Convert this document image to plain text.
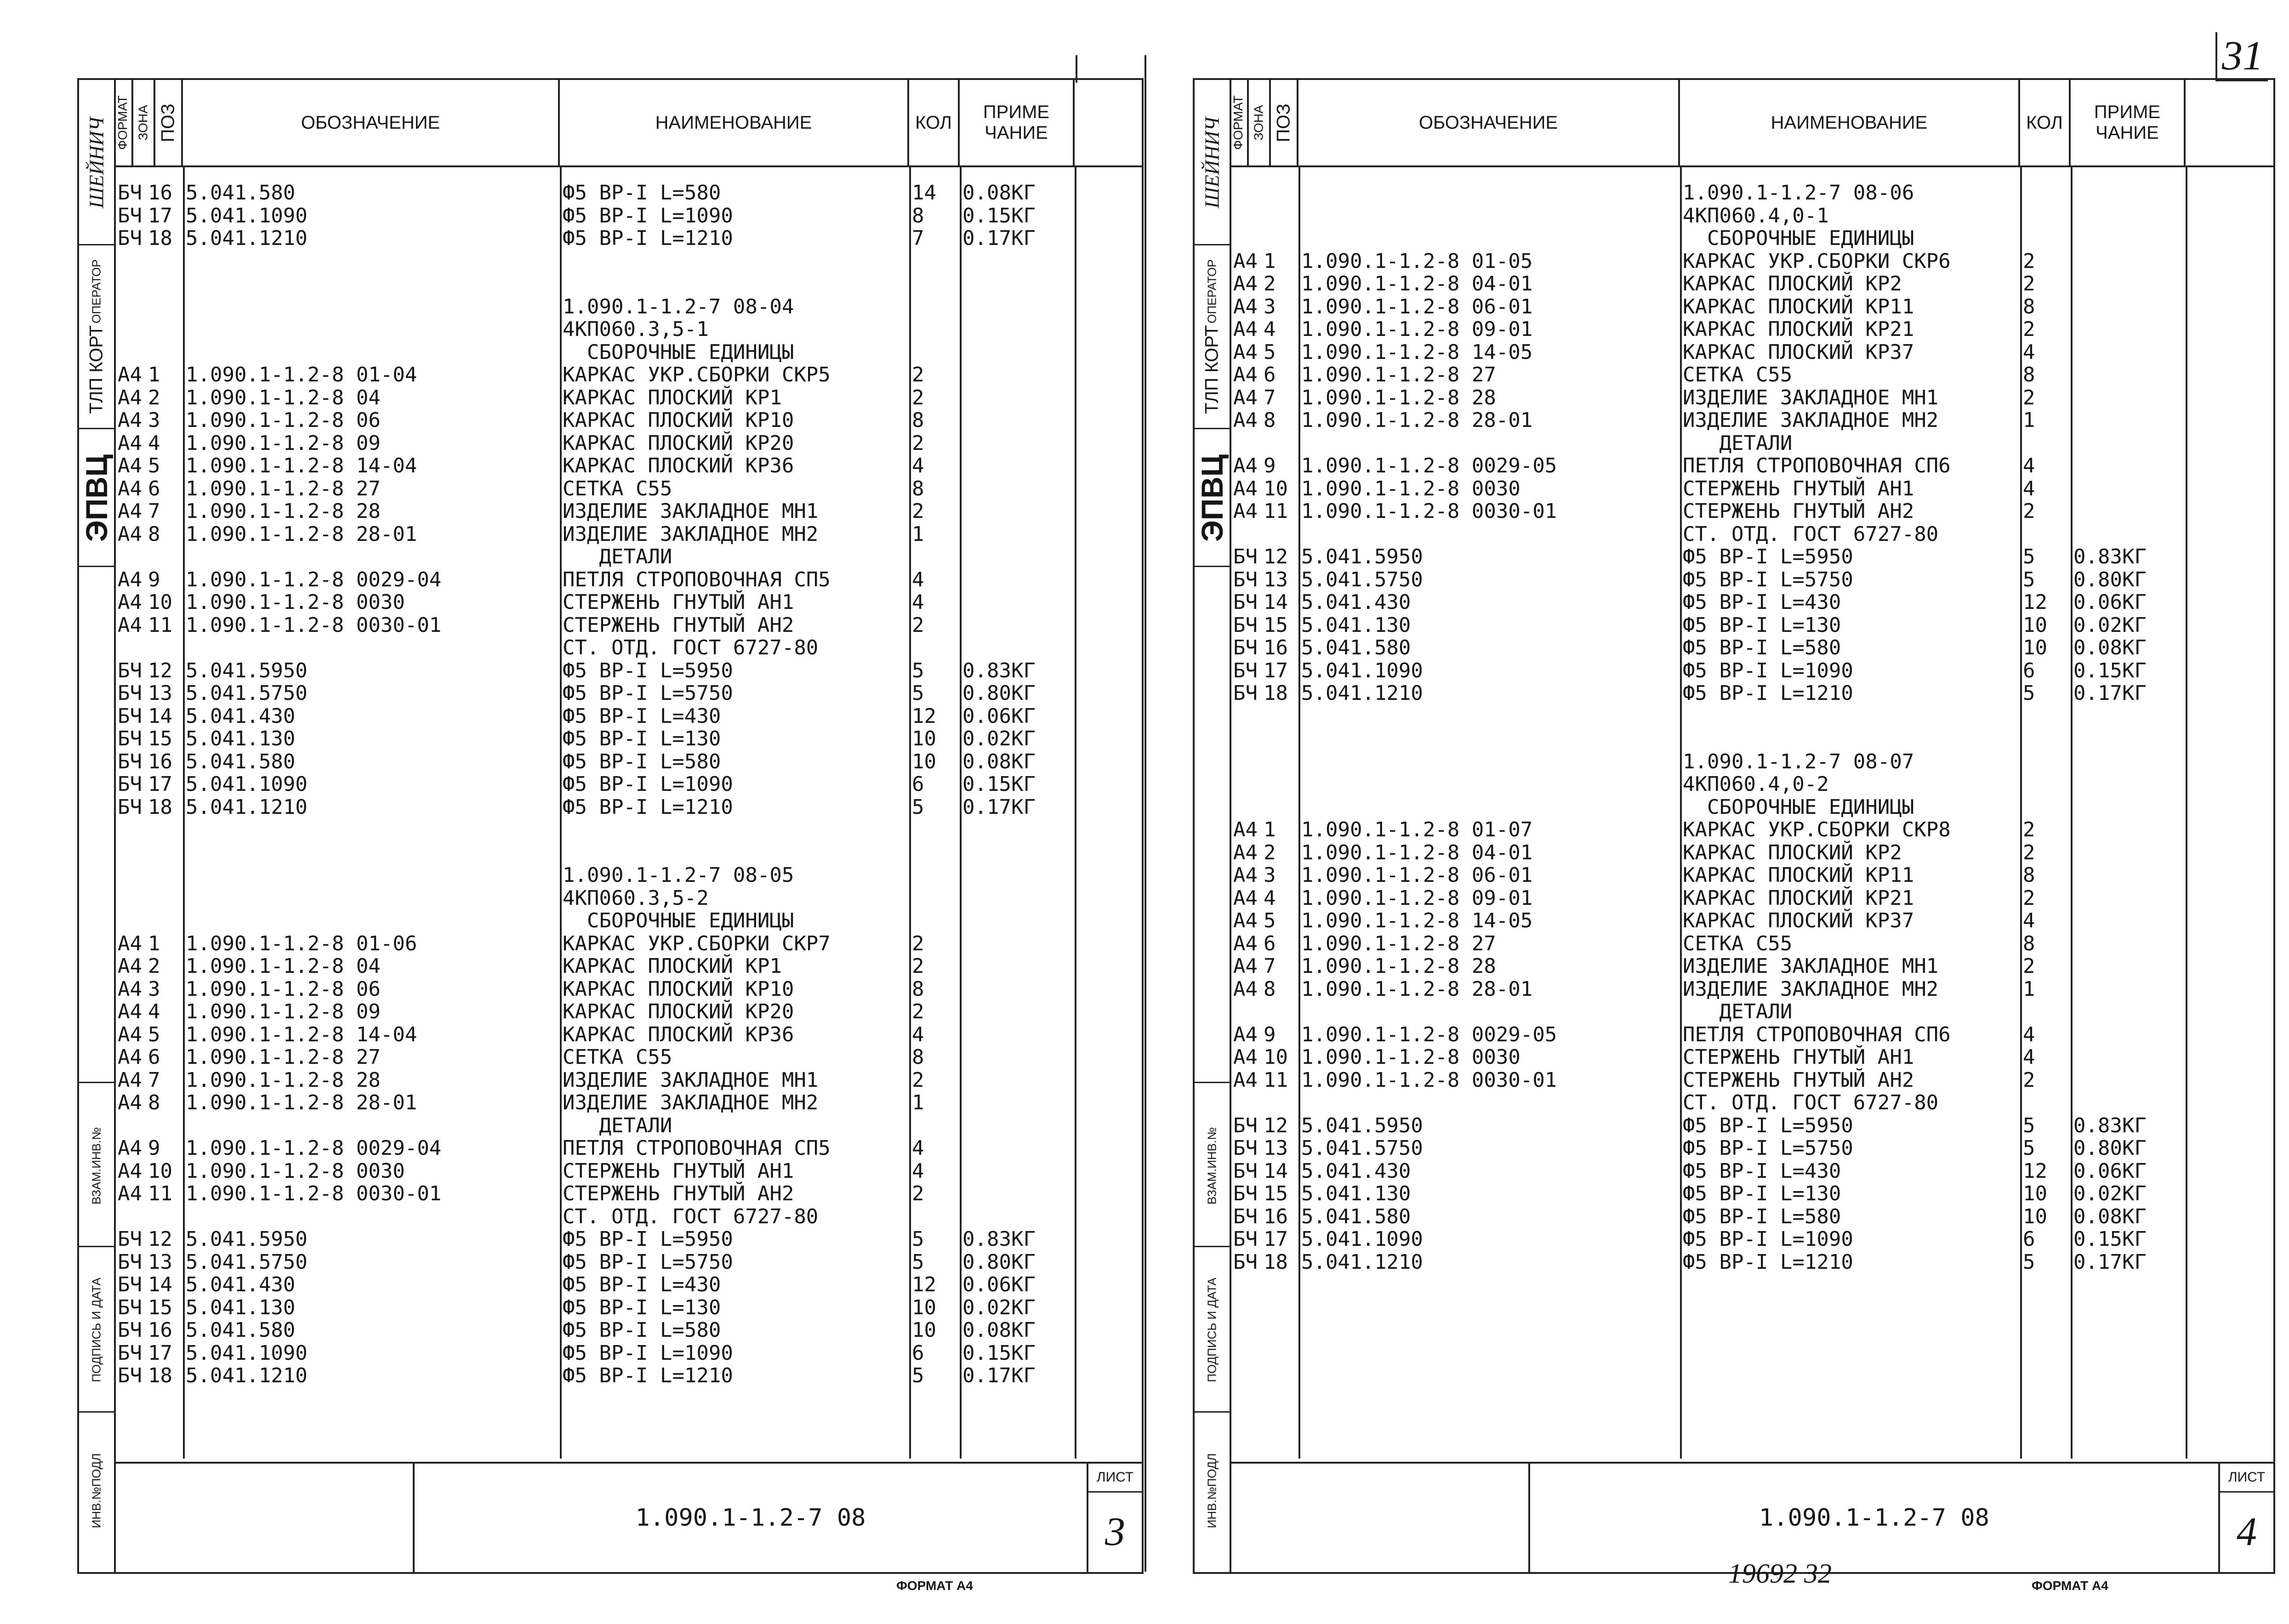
31
ШЕЙНИЧ
ОПЕРАТОР
ТЛП КОРТ
ЭПВЦ
ВЗАМ.ИНВ.№
ПОДПИСЬ И ДАТА
ИНВ.№ПОДЛ
ФОРМАТ ЗОНА ПОЗ	ОБОЗНАЧЕНИЕ	НАИМЕНОВАНИЕ	КОЛ
ПРИМЕ ЧАНИЕ
БЧ 16 5.041.580	Ф5 ВР-I L=580	14 0.08КГ
БЧ 17 5.041.1090	Ф5 ВР-I L=1090	8 0.15КГ
БЧ 18 5.041.1210	Ф5 ВР-I L=1210	7 0.17КГ
1.090.1-1.2-7 08-04
4КП060.3,5-1
СБОРОЧНЫЕ ЕДИНИЦЫ
А4 1 1.090.1-1.2-8 01-04	КАРКАС УКР.СБОРКИ СКР5	2
А4 2 1.090.1-1.2-8 04	КАРКАС ПЛОСКИЙ КР1	2
А4 3 1.090.1-1.2-8 06	КАРКАС ПЛОСКИЙ КР10	8
А4 4 1.090.1-1.2-8 09	КАРКАС ПЛОСКИЙ КР20	2
А4 5 1.090.1-1.2-8 14-04	КАРКАС ПЛОСКИЙ КР36	4
А4 6 1.090.1-1.2-8 27	СЕТКА С55	8
А4 7 1.090.1-1.2-8 28	ИЗДЕЛИЕ ЗАКЛАДНОЕ МН1	2
А4 8 1.090.1-1.2-8 28-01	ИЗДЕЛИЕ ЗАКЛАДНОЕ МН2	1
ДЕТАЛИ
А4 9 1.090.1-1.2-8 0029-04	ПЕТЛЯ СТРОПОВОЧНАЯ СП5	4
А4 10 1.090.1-1.2-8 0030	СТЕРЖЕНЬ ГНУТЫЙ АН1	4
А4 11 1.090.1-1.2-8 0030-01	СТЕРЖЕНЬ ГНУТЫЙ АН2	2
СТ. ОТД. ГОСТ 6727-80
БЧ 12 5.041.5950	Ф5 ВР-I L=5950	5 0.83КГ
БЧ 13 5.041.5750	Ф5 ВР-I L=5750	5 0.80КГ
БЧ 14 5.041.430	Ф5 ВР-I L=430	12 0.06КГ
БЧ 15 5.041.130	Ф5 ВР-I L=130	10 0.02КГ
БЧ 16 5.041.580	Ф5 ВР-I L=580	10 0.08КГ
БЧ 17 5.041.1090	Ф5 ВР-I L=1090	6 0.15КГ
БЧ 18 5.041.1210	Ф5 ВР-I L=1210	5 0.17КГ
1.090.1-1.2-7 08-05
4КП060.3,5-2
СБОРОЧНЫЕ ЕДИНИЦЫ
А4 1 1.090.1-1.2-8 01-06	КАРКАС УКР.СБОРКИ СКР7	2
А4 2 1.090.1-1.2-8 04	КАРКАС ПЛОСКИЙ КР1	2
А4 3 1.090.1-1.2-8 06	КАРКАС ПЛОСКИЙ КР10	8
А4 4 1.090.1-1.2-8 09	КАРКАС ПЛОСКИЙ КР20	2
А4 5 1.090.1-1.2-8 14-04	КАРКАС ПЛОСКИЙ КР36	4
А4 6 1.090.1-1.2-8 27	СЕТКА С55	8
А4 7 1.090.1-1.2-8 28	ИЗДЕЛИЕ ЗАКЛАДНОЕ МН1	2
А4 8 1.090.1-1.2-8 28-01	ИЗДЕЛИЕ ЗАКЛАДНОЕ МН2	1
ДЕТАЛИ
А4 9 1.090.1-1.2-8 0029-04	ПЕТЛЯ СТРОПОВОЧНАЯ СП5	4
А4 10 1.090.1-1.2-8 0030	СТЕРЖЕНЬ ГНУТЫЙ АН1	4
А4 11 1.090.1-1.2-8 0030-01	СТЕРЖЕНЬ ГНУТЫЙ АН2	2
СТ. ОТД. ГОСТ 6727-80
БЧ 12 5.041.5950	Ф5 ВР-I L=5950	5 0.83КГ
БЧ 13 5.041.5750	Ф5 ВР-I L=5750	5 0.80КГ
БЧ 14 5.041.430	Ф5 ВР-I L=430	12 0.06КГ
БЧ 15 5.041.130	Ф5 ВР-I L=130	10 0.02КГ
БЧ 16 5.041.580	Ф5 ВР-I L=580	10 0.08КГ
БЧ 17 5.041.1090	Ф5 ВР-I L=1090	6 0.15КГ
БЧ 18 5.041.1210	Ф5 ВР-I L=1210	5 0.17КГ
1.090.1-1.2-7 08
ЛИСТ
3
ФОРМАТ А4
ШЕЙНИЧ
ОПЕРАТОР
ТЛП КОРТ
ЭПВЦ
ВЗАМ.ИНВ.№
ПОДПИСЬ И ДАТА
ИНВ.№ПОДЛ
ФОРМАТ ЗОНА ПОЗ	ОБОЗНАЧЕНИЕ	НАИМЕНОВАНИЕ	КОЛ
ПРИМЕ ЧАНИЕ
1.090.1-1.2-7 08-06
4КП060.4,0-1
СБОРОЧНЫЕ ЕДИНИЦЫ
А4 1 1.090.1-1.2-8 01-05	КАРКАС УКР.СБОРКИ СКР6	2
А4 2 1.090.1-1.2-8 04-01	КАРКАС ПЛОСКИЙ КР2	2
А4 3 1.090.1-1.2-8 06-01	КАРКАС ПЛОСКИЙ КР11	8
А4 4 1.090.1-1.2-8 09-01	КАРКАС ПЛОСКИЙ КР21	2
А4 5 1.090.1-1.2-8 14-05	КАРКАС ПЛОСКИЙ КР37	4
А4 6 1.090.1-1.2-8 27	СЕТКА С55	8
А4 7 1.090.1-1.2-8 28	ИЗДЕЛИЕ ЗАКЛАДНОЕ МН1	2
А4 8 1.090.1-1.2-8 28-01	ИЗДЕЛИЕ ЗАКЛАДНОЕ МН2	1
ДЕТАЛИ
А4 9 1.090.1-1.2-8 0029-05	ПЕТЛЯ СТРОПОВОЧНАЯ СП6	4
А4 10 1.090.1-1.2-8 0030	СТЕРЖЕНЬ ГНУТЫЙ АН1	4
А4 11 1.090.1-1.2-8 0030-01	СТЕРЖЕНЬ ГНУТЫЙ АН2	2
СТ. ОТД. ГОСТ 6727-80
БЧ 12 5.041.5950	Ф5 ВР-I L=5950	5 0.83КГ
БЧ 13 5.041.5750	Ф5 ВР-I L=5750	5 0.80КГ
БЧ 14 5.041.430	Ф5 ВР-I L=430	12 0.06КГ
БЧ 15 5.041.130	Ф5 ВР-I L=130	10 0.02КГ
БЧ 16 5.041.580	Ф5 ВР-I L=580	10 0.08КГ
БЧ 17 5.041.1090	Ф5 ВР-I L=1090	6 0.15КГ
БЧ 18 5.041.1210	Ф5 ВР-I L=1210	5 0.17КГ
1.090.1-1.2-7 08-07
4КП060.4,0-2
СБОРОЧНЫЕ ЕДИНИЦЫ
А4 1 1.090.1-1.2-8 01-07	КАРКАС УКР.СБОРКИ СКР8	2
А4 2 1.090.1-1.2-8 04-01	КАРКАС ПЛОСКИЙ КР2	2
А4 3 1.090.1-1.2-8 06-01	КАРКАС ПЛОСКИЙ КР11	8
А4 4 1.090.1-1.2-8 09-01	КАРКАС ПЛОСКИЙ КР21	2
А4 5 1.090.1-1.2-8 14-05	КАРКАС ПЛОСКИЙ КР37	4
А4 6 1.090.1-1.2-8 27	СЕТКА С55	8
А4 7 1.090.1-1.2-8 28	ИЗДЕЛИЕ ЗАКЛАДНОЕ МН1	2
А4 8 1.090.1-1.2-8 28-01	ИЗДЕЛИЕ ЗАКЛАДНОЕ МН2	1
ДЕТАЛИ
А4 9 1.090.1-1.2-8 0029-05	ПЕТЛЯ СТРОПОВОЧНАЯ СП6	4
А4 10 1.090.1-1.2-8 0030	СТЕРЖЕНЬ ГНУТЫЙ АН1	4
А4 11 1.090.1-1.2-8 0030-01	СТЕРЖЕНЬ ГНУТЫЙ АН2	2
СТ. ОТД. ГОСТ 6727-80
БЧ 12 5.041.5950	Ф5 ВР-I L=5950	5 0.83КГ
БЧ 13 5.041.5750	Ф5 ВР-I L=5750	5 0.80КГ
БЧ 14 5.041.430	Ф5 ВР-I L=430	12 0.06КГ
БЧ 15 5.041.130	Ф5 ВР-I L=130	10 0.02КГ
БЧ 16 5.041.580	Ф5 ВР-I L=580	10 0.08КГ
БЧ 17 5.041.1090	Ф5 ВР-I L=1090	6 0.15КГ
БЧ 18 5.041.1210	Ф5 ВР-I L=1210	5 0.17КГ
1.090.1-1.2-7 08
ЛИСТ
4
19692 32	ФОРМАТ А4
